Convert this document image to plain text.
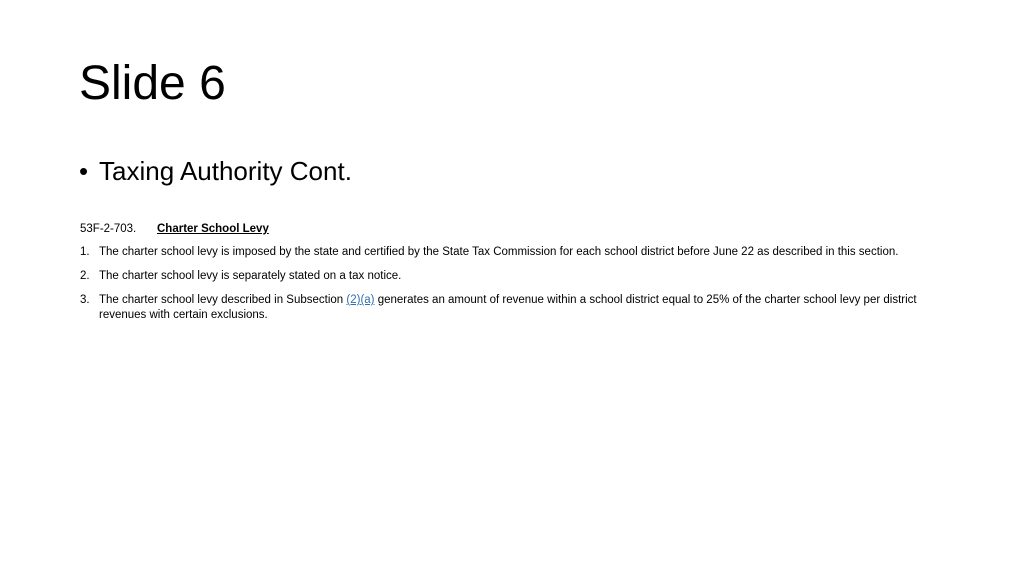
Slide 6
• Taxing Authority Cont.
53F-2-703. Charter School Levy
1. The charter school levy is imposed by the state and certified by the State Tax Commission for each school district before June 22 as described in this section.
2. The charter school levy is separately stated on a tax notice.
3. The charter school levy described in Subsection (2)(a) generates an amount of revenue within a school district equal to 25% of the charter school levy per district revenues with certain exclusions.
